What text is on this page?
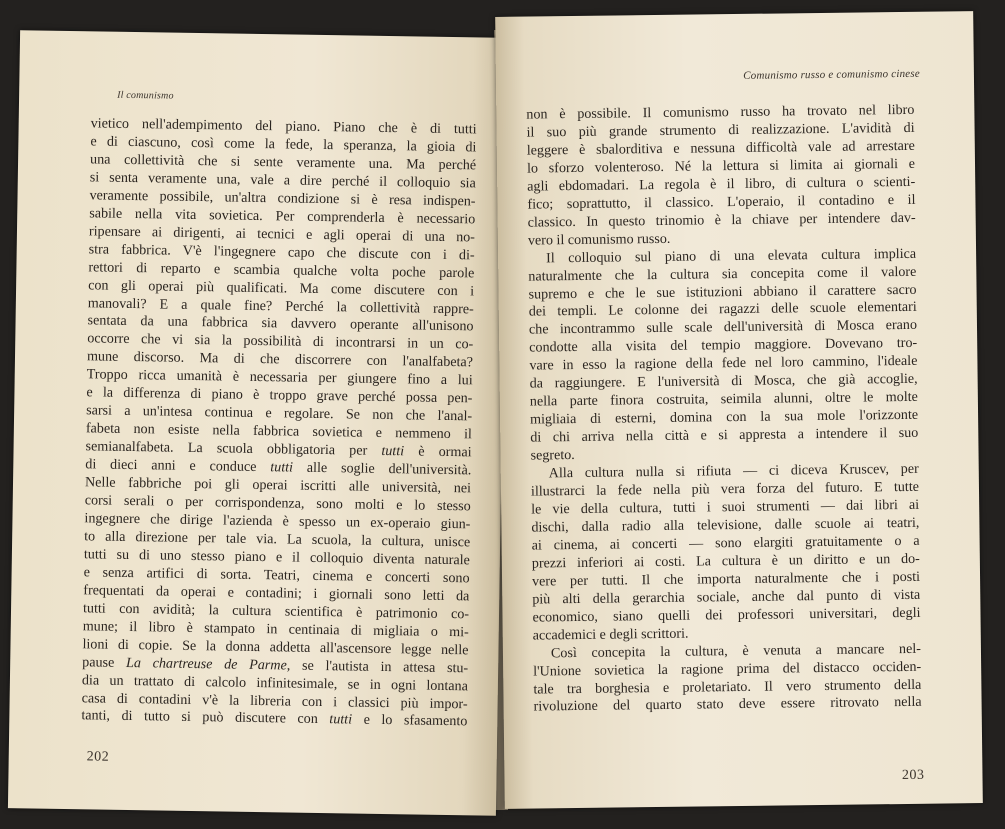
Il comunismo
vietico nell'adempimento del piano. Piano che è di tutti
e di ciascuno, così come la fede, la speranza, la gioia di
una collettività che si sente veramente una. Ma perché
si senta veramente una, vale a dire perché il colloquio sia
veramente possibile, un'altra condizione si è resa indispen-
sabile nella vita sovietica. Per comprenderla è necessario
ripensare ai dirigenti, ai tecnici e agli operai di una no-
stra fabbrica. V'è l'ingegnere capo che discute con i di-
rettori di reparto e scambia qualche volta poche parole
con gli operai più qualificati. Ma come discutere con i
manovali? E a quale fine? Perché la collettività rappre-
sentata da una fabbrica sia davvero operante all'unisono
occorre che vi sia la possibilità di incontrarsi in un co-
mune discorso. Ma di che discorrere con l'analfabeta?
Troppo ricca umanità è necessaria per giungere fino a lui
e la differenza di piano è troppo grave perché possa pen-
sarsi a un'intesa continua e regolare. Se non che l'anal-
fabeta non esiste nella fabbrica sovietica e nemmeno il
semianalfabeta. La scuola obbligatoria per tutti è ormai
di dieci anni e conduce tutti alle soglie dell'università.
Nelle fabbriche poi gli operai iscritti alle università, nei
corsi serali o per corrispondenza, sono molti e lo stesso
ingegnere che dirige l'azienda è spesso un ex-operaio giun-
to alla direzione per tale via. La scuola, la cultura, unisce
tutti su di uno stesso piano e il colloquio diventa naturale
e senza artifici di sorta. Teatri, cinema e concerti sono
frequentati da operai e contadini; i giornali sono letti da
tutti con avidità; la cultura scientifica è patrimonio co-
mune; il libro è stampato in centinaia di migliaia o mi-
lioni di copie. Se la donna addetta all'ascensore legge nelle
pause La chartreuse de Parme, se l'autista in attesa stu-
dia un trattato di calcolo infinitesimale, se in ogni lontana
casa di contadini v'è la libreria con i classici più impor-
tanti, di tutto si può discutere con tutti e lo sfasamento
202
Comunismo russo e comunismo cinese
non è possibile. Il comunismo russo ha trovato nel libro
il suo più grande strumento di realizzazione. L'avidità di
leggere è sbalorditiva e nessuna difficoltà vale ad arrestare
lo sforzo volenteroso. Né la lettura si limita ai giornali e
agli ebdomadari. La regola è il libro, di cultura o scienti-
fico; soprattutto, il classico. L'operaio, il contadino e il
classico. In questo trinomio è la chiave per intendere dav-
vero il comunismo russo.
Il colloquio sul piano di una elevata cultura implica
naturalmente che la cultura sia concepita come il valore
supremo e che le sue istituzioni abbiano il carattere sacro
dei templi. Le colonne dei ragazzi delle scuole elementari
che incontrammo sulle scale dell'università di Mosca erano
condotte alla visita del tempio maggiore. Dovevano tro-
vare in esso la ragione della fede nel loro cammino, l'ideale
da raggiungere. E l'università di Mosca, che già accoglie,
nella parte finora costruita, seimila alunni, oltre le molte
migliaia di esterni, domina con la sua mole l'orizzonte
di chi arriva nella città e si appresta a intendere il suo
segreto.
Alla cultura nulla si rifiuta — ci diceva Kruscev, per
illustrarci la fede nella più vera forza del futuro. E tutte
le vie della cultura, tutti i suoi strumenti — dai libri ai
dischi, dalla radio alla televisione, dalle scuole ai teatri,
ai cinema, ai concerti — sono elargiti gratuitamente o a
prezzi inferiori ai costi. La cultura è un diritto e un do-
vere per tutti. Il che importa naturalmente che i posti
più alti della gerarchia sociale, anche dal punto di vista
economico, siano quelli dei professori universitari, degli
accademici e degli scrittori.
Così concepita la cultura, è venuta a mancare nel-
l'Unione sovietica la ragione prima del distacco occiden-
tale tra borghesia e proletariato. Il vero strumento della
rivoluzione del quarto stato deve essere ritrovato nella
203
